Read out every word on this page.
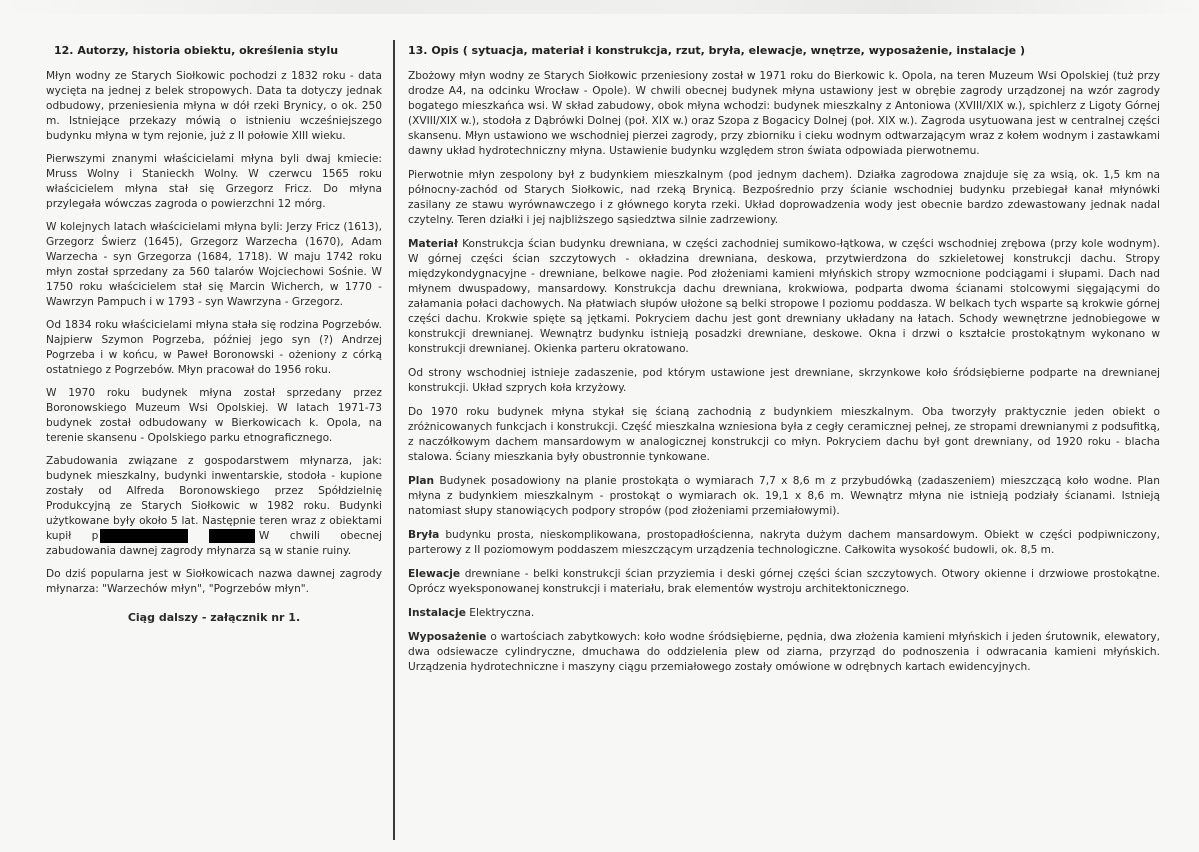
12. Autorzy, historia obiektu, określenia stylu

Młyn wodny ze Starych Siołkowic pochodzi z 1832 roku - data wycięta na jednej z belek stropowych. Data ta dotyczy jednak odbudowy, przeniesienia młyna w dół rzeki Brynicy, o ok. 250 m. Istniejące przekazy mówią o istnieniu wcześniejszego budynku młyna w tym rejonie, już z II połowie XIII wieku.

Pierwszymi znanymi właścicielami młyna byli dwaj kmiecie: Mruss Wolny i Stanieckh Wolny. W czerwcu 1565 roku właścicielem młyna stał się Grzegorz Fricz. Do młyna przylegała wówczas zagroda o powierzchni 12 mórg.

W kolejnych latach właścicielami młyna byli: Jerzy Fricz (1613), Grzegorz Świerz (1645), Grzegorz Warzecha (1670), Adam Warzecha - syn Grzegorza (1684, 1718). W maju 1742 roku młyn został sprzedany za 560 talarów Wojciechowi Sośnie. W 1750 roku właścicielem stał się Marcin Wicherch, w 1770 - Wawrzyn Pampuch i w 1793 - syn Wawrzyna - Grzegorz.

Od 1834 roku właścicielami młyna stała się rodzina Pogrzebów. Najpierw Szymon Pogrzeba, później jego syn (?) Andrzej Pogrzeba i w końcu, w Paweł Boronowski - ożeniony z córką ostatniego z Pogrzebów. Młyn pracował do 1956 roku.

W 1970 roku budynek młyna został sprzedany przez Boronowskiego Muzeum Wsi Opolskiej. W latach 1971-73 budynek został odbudowany w Bierkowicach k. Opola, na terenie skansenu - Opolskiego parku etnograficznego.

Zabudowania związane z gospodarstwem młynarza, jak: budynek mieszkalny, budynki inwentarskie, stodoła - kupione zostały od Alfreda Boronowskiego przez Spółdzielnię Produkcyjną ze Starych Siołkowic w 1982 roku. Budynki użytkowane były około 5 lat. Następnie teren wraz z obiektami kupił p	W chwili obecnej zabudowania dawnej zagrody młynarza są w stanie ruiny.

Do dziś popularna jest w Siołkowicach nazwa dawnej zagrody młynarza: "Warzechów młyn", "Pogrzebów młyn".

Ciąg dalszy - załącznik nr 1.
13. Opis ( sytuacja, materiał i konstrukcja, rzut, bryła, elewacje, wnętrze, wyposażenie, instalacje )

Zbożowy młyn wodny ze Starych Siołkowic przeniesiony został w 1971 roku do Bierkowic k. Opola, na teren Muzeum Wsi Opolskiej (tuż przy drodze A4, na odcinku Wrocław - Opole). W chwili obecnej budynek młyna ustawiony jest w obrębie zagrody urządzonej na wzór zagrody bogatego mieszkańca wsi. W skład zabudowy, obok młyna wchodzi: budynek mieszkalny z Antoniowa (XVIII/XIX w.), spichlerz z Ligoty Górnej (XVIII/XIX w.), stodoła z Dąbrówki Dolnej (poł. XIX w.) oraz Szopa z Bogacicy Dolnej (poł. XIX w.). Zagroda usytuowana jest w centralnej części skansenu. Młyn ustawiono we wschodniej pierzei zagrody, przy zbiorniku i cieku wodnym odtwarzającym wraz z kołem wodnym i zastawkami dawny układ hydrotechniczny młyna. Ustawienie budynku względem stron świata odpowiada pierwotnemu.

Pierwotnie młyn zespolony był z budynkiem mieszkalnym (pod jednym dachem). Działka zagrodowa znajduje się za wsią, ok. 1,5 km na północny-zachód od Starych Siołkowic, nad rzeką Brynicą. Bezpośrednio przy ścianie wschodniej budynku przebiegał kanał młynówki zasilany ze stawu wyrównawczego i z głównego koryta rzeki. Układ doprowadzenia wody jest obecnie bardzo zdewastowany jednak nadal czytelny. Teren działki i jej najbliższego sąsiedztwa silnie zadrzewiony.

Materiał Konstrukcja ścian budynku drewniana, w części zachodniej sumikowo-łątkowa, w części wschodniej zrębowa (przy kole wodnym). W górnej części ścian szczytowych - okładzina drewniana, deskowa, przytwierdzona do szkieletowej konstrukcji dachu. Stropy międzykondygnacyjne - drewniane, belkowe nagie. Pod złożeniami kamieni młyńskich stropy wzmocnione podciągami i słupami. Dach nad młynem dwuspadowy, mansardowy. Konstrukcja dachu drewniana, krokwiowa, podparta dwoma ścianami stolcowymi sięgającymi do załamania połaci dachowych. Na płatwiach słupów ułożone są belki stropowe I poziomu poddasza. W belkach tych wsparte są krokwie górnej części dachu. Krokwie spięte są jętkami. Pokryciem dachu jest gont drewniany układany na łatach. Schody wewnętrzne jednobiegowe w konstrukcji drewnianej. Wewnątrz budynku istnieją posadzki drewniane, deskowe. Okna i drzwi o kształcie prostokątnym wykonano w konstrukcji drewnianej. Okienka parteru okratowano.

Od strony wschodniej istnieje zadaszenie, pod którym ustawione jest drewniane, skrzynkowe koło śródsiębierne podparte na drewnianej konstrukcji. Układ szprych koła krzyżowy.

Do 1970 roku budynek młyna stykał się ścianą zachodnią z budynkiem mieszkalnym. Oba tworzyły praktycznie jeden obiekt o zróżnicowanych funkcjach i konstrukcji. Część mieszkalna wzniesiona była z cegły ceramicznej pełnej, ze stropami drewnianymi z podsufitką, z naczółkowym dachem mansardowym w analogicznej konstrukcji co młyn. Pokryciem dachu był gont drewniany, od 1920 roku - blacha stalowa. Ściany mieszkania były obustronnie tynkowane.

Plan Budynek posadowiony na planie prostokąta o wymiarach 7,7 x 8,6 m z przybudówką (zadaszeniem) mieszczącą koło wodne. Plan młyna z budynkiem mieszkalnym - prostokąt o wymiarach ok. 19,1 x 8,6 m. Wewnątrz młyna nie istnieją podziały ścianami. Istnieją natomiast słupy stanowiących podpory stropów (pod złożeniami przemiałowymi).

Bryła budynku prosta, nieskomplikowana, prostopadłościenna, nakryta dużym dachem mansardowym. Obiekt w części podpiwniczony, parterowy z II poziomowym poddaszem mieszczącym urządzenia technologiczne. Całkowita wysokość budowli, ok. 8,5 m.

Elewacje drewniane - belki konstrukcji ścian przyziemia i deski górnej części ścian szczytowych. Otwory okienne i drzwiowe prostokątne. Oprócz wyeksponowanej konstrukcji i materiału, brak elementów wystroju architektonicznego.

Instalacje Elektryczna.

Wyposażenie o wartościach zabytkowych: koło wodne śródsiębierne, pędnia, dwa złożenia kamieni młyńskich i jeden śrutownik, elewatory, dwa odsiewacze cylindryczne, dmuchawa do oddzielenia plew od ziarna, przyrząd do podnoszenia i odwracania kamieni młyńskich. Urządzenia hydrotechniczne i maszyny ciągu przemiałowego zostały omówione w odrębnych kartach ewidencyjnych.
